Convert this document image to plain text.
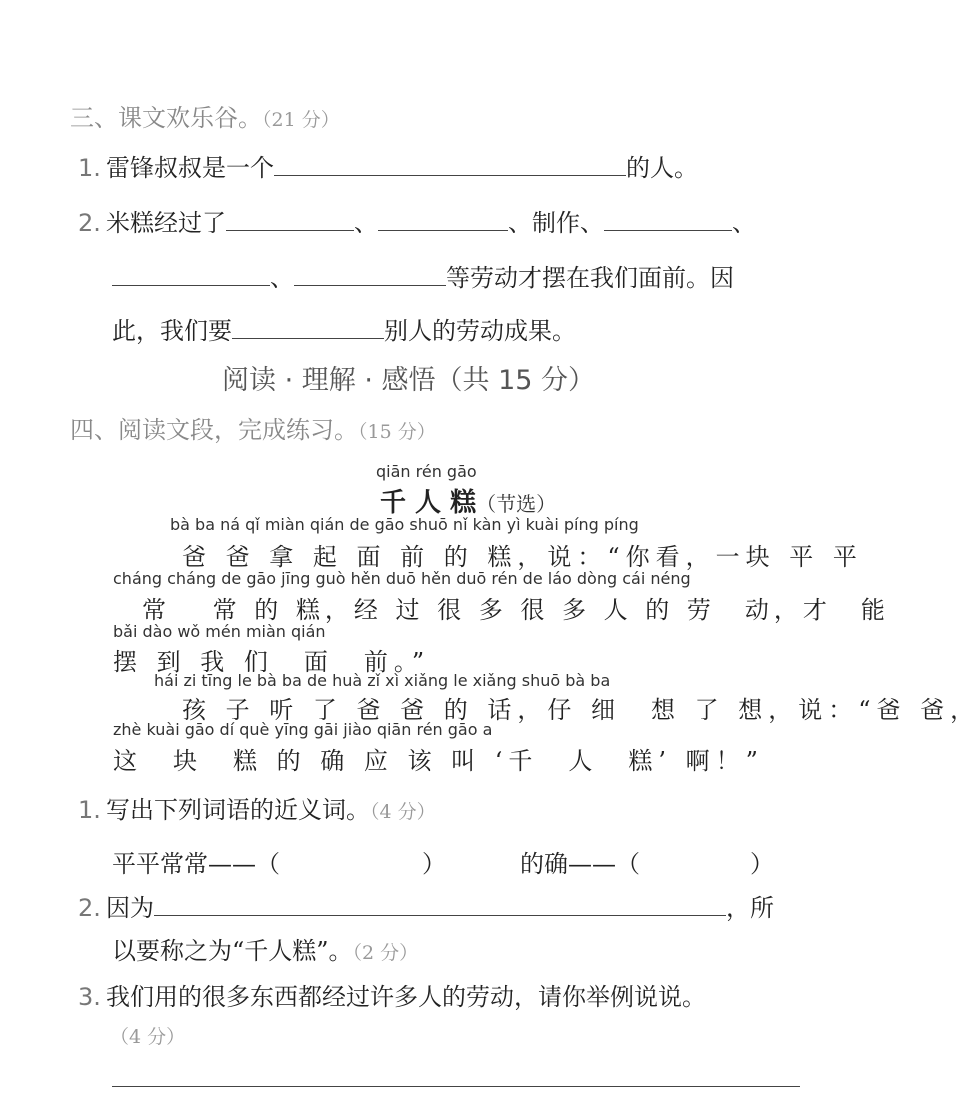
三、课文欢乐谷。（21 分）
1. 雷锋叔叔是一个	的人。
2. 米糕经过了	、	、制作、	、
、	等劳动才摆在我们面前。因
此，我们要	别人的劳动成果。
阅读 · 理解 · 感悟（共 15 分）
四、阅读文段，完成练习。（15 分）
qiān rén gāo
千 人 糕（节选）
bà ba ná qǐ miàn qián de gāo shuō nǐ kàn yì kuài píng píng
　　爸 爸 拿 起 面 前 的 糕，说：“你看，一块 平 平
cháng cháng de gāo jīng guò hěn duō hěn duō rén de láo dòng cái néng
　常　 常 的 糕，经 过 很 多 很 多 人 的 劳　动，才　能
bǎi dào wǒ mén miàn qián
摆 到 我 们　面　前。”
　　hái zi tīng le bà ba de huà zǐ xì xiǎng le xiǎng shuō bà ba
　　孩 子 听 了 爸 爸 的 话，仔 细　想 了 想，说：“爸 爸，
zhè kuài gāo dí què yīng gāi jiào qiān rén gāo a
这　块　糕 的 确 应 该 叫 ‘千　人　糕’ 啊！”
1. 写出下列词语的近义词。（4 分）
平平常常——（	）	的确——（	）
2. 因为	，所
以要称之为“千人糕”。（2 分）
3. 我们用的很多东西都经过许多人的劳动，请你举例说说。
（4 分）
